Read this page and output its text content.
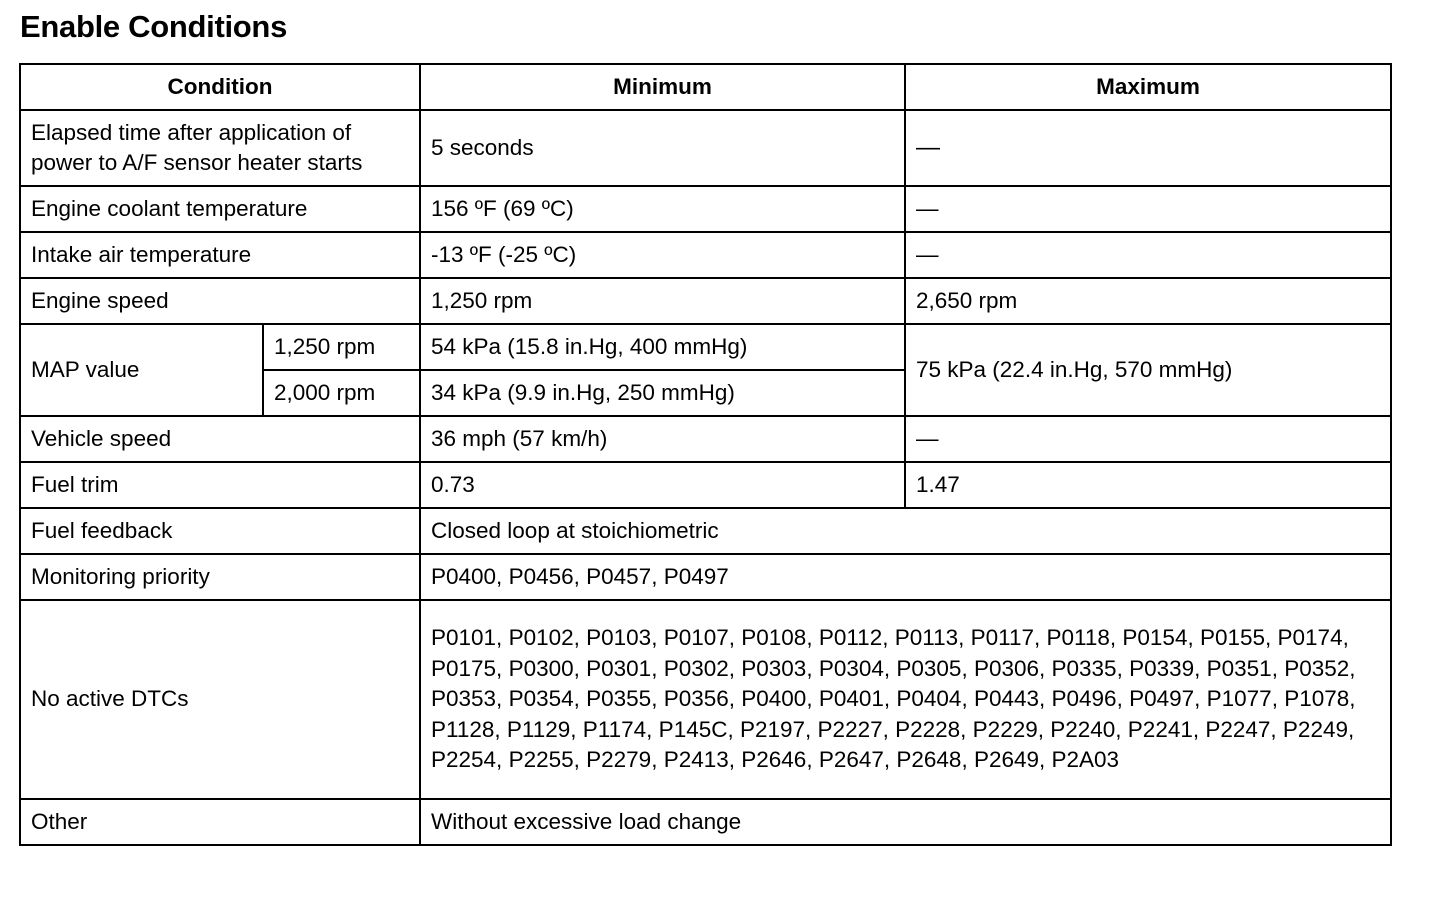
Enable Conditions
Condition		Minimum	Maximum
Elapsed time after application of power to A/F sensor heater starts		5 seconds	—
Engine coolant temperature		156 ºF (69 ºC)	—
Intake air temperature		-13 ºF (-25 ºC)	—
Engine speed		1,250 rpm	2,650 rpm
MAP value	1,250 rpm	54 kPa (15.8 in.Hg, 400 mmHg)	75 kPa (22.4 in.Hg, 570 mmHg)
	2,000 rpm	34 kPa (9.9 in.Hg, 250 mmHg)	
Vehicle speed		36 mph (57 km/h)	—
Fuel trim		0.73	1.47
Fuel feedback		Closed loop at stoichiometric	
Monitoring priority		P0400, P0456, P0457, P0497	
No active DTCs		P0101, P0102, P0103, P0107, P0108, P0112, P0113, P0117, P0118, P0154, P0155, P0174, P0175, P0300, P0301, P0302, P0303, P0304, P0305, P0306, P0335, P0339, P0351, P0352, P0353, P0354, P0355, P0356, P0400, P0401, P0404, P0443, P0496, P0497, P1077, P1078, P1128, P1129, P1174, P145C, P2197, P2227, P2228, P2229, P2240, P2241, P2247, P2249, P2254, P2255, P2279, P2413, P2646, P2647, P2648, P2649, P2A03	
Other		Without excessive load change	
